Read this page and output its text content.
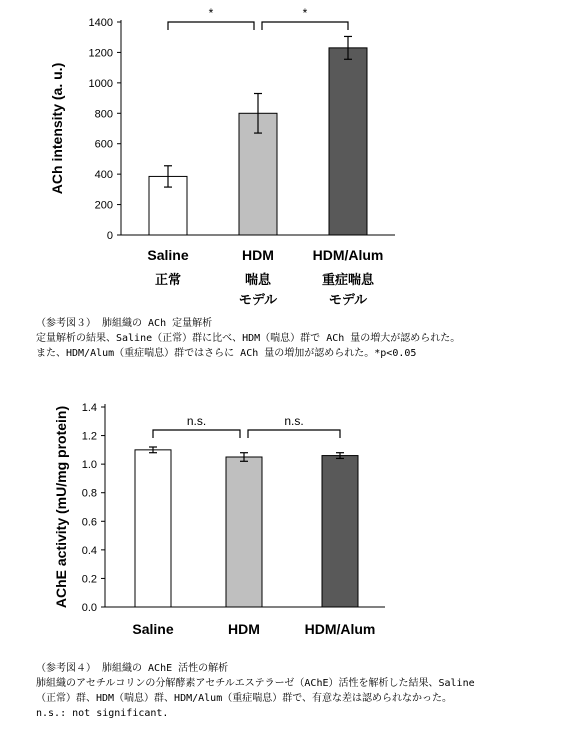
0
200
400
600
800
1000
1200
1400
ACh intensity (a. u.)
Saline
正常
HDM
喘息
モデル
HDM/Alum
重症喘息
モデル
*	*
（参考図３） 肺組織の ACh 定量解析
定量解析の結果、Saline（正常）群に比べ、HDM（喘息）群で ACh 量の増大が認められた。
また、HDM/Alum（重症喘息）群ではさらに ACh 量の増加が認められた。*p<0.05
0.0
0.2
0.4
0.6
0.8
1.0
1.2
1.4
AChE activity (mU/mg protein)
Saline	HDM	HDM/Alum
n.s.	n.s.
（参考図４） 肺組織の AChE 活性の解析
肺組織のアセチルコリンの分解酵素アセチルエステラーゼ（AChE）活性を解析した結果、Saline
（正常）群、HDM（喘息）群、HDM/Alum（重症喘息）群で、有意な差は認められなかった。
n.s.: not significant.
